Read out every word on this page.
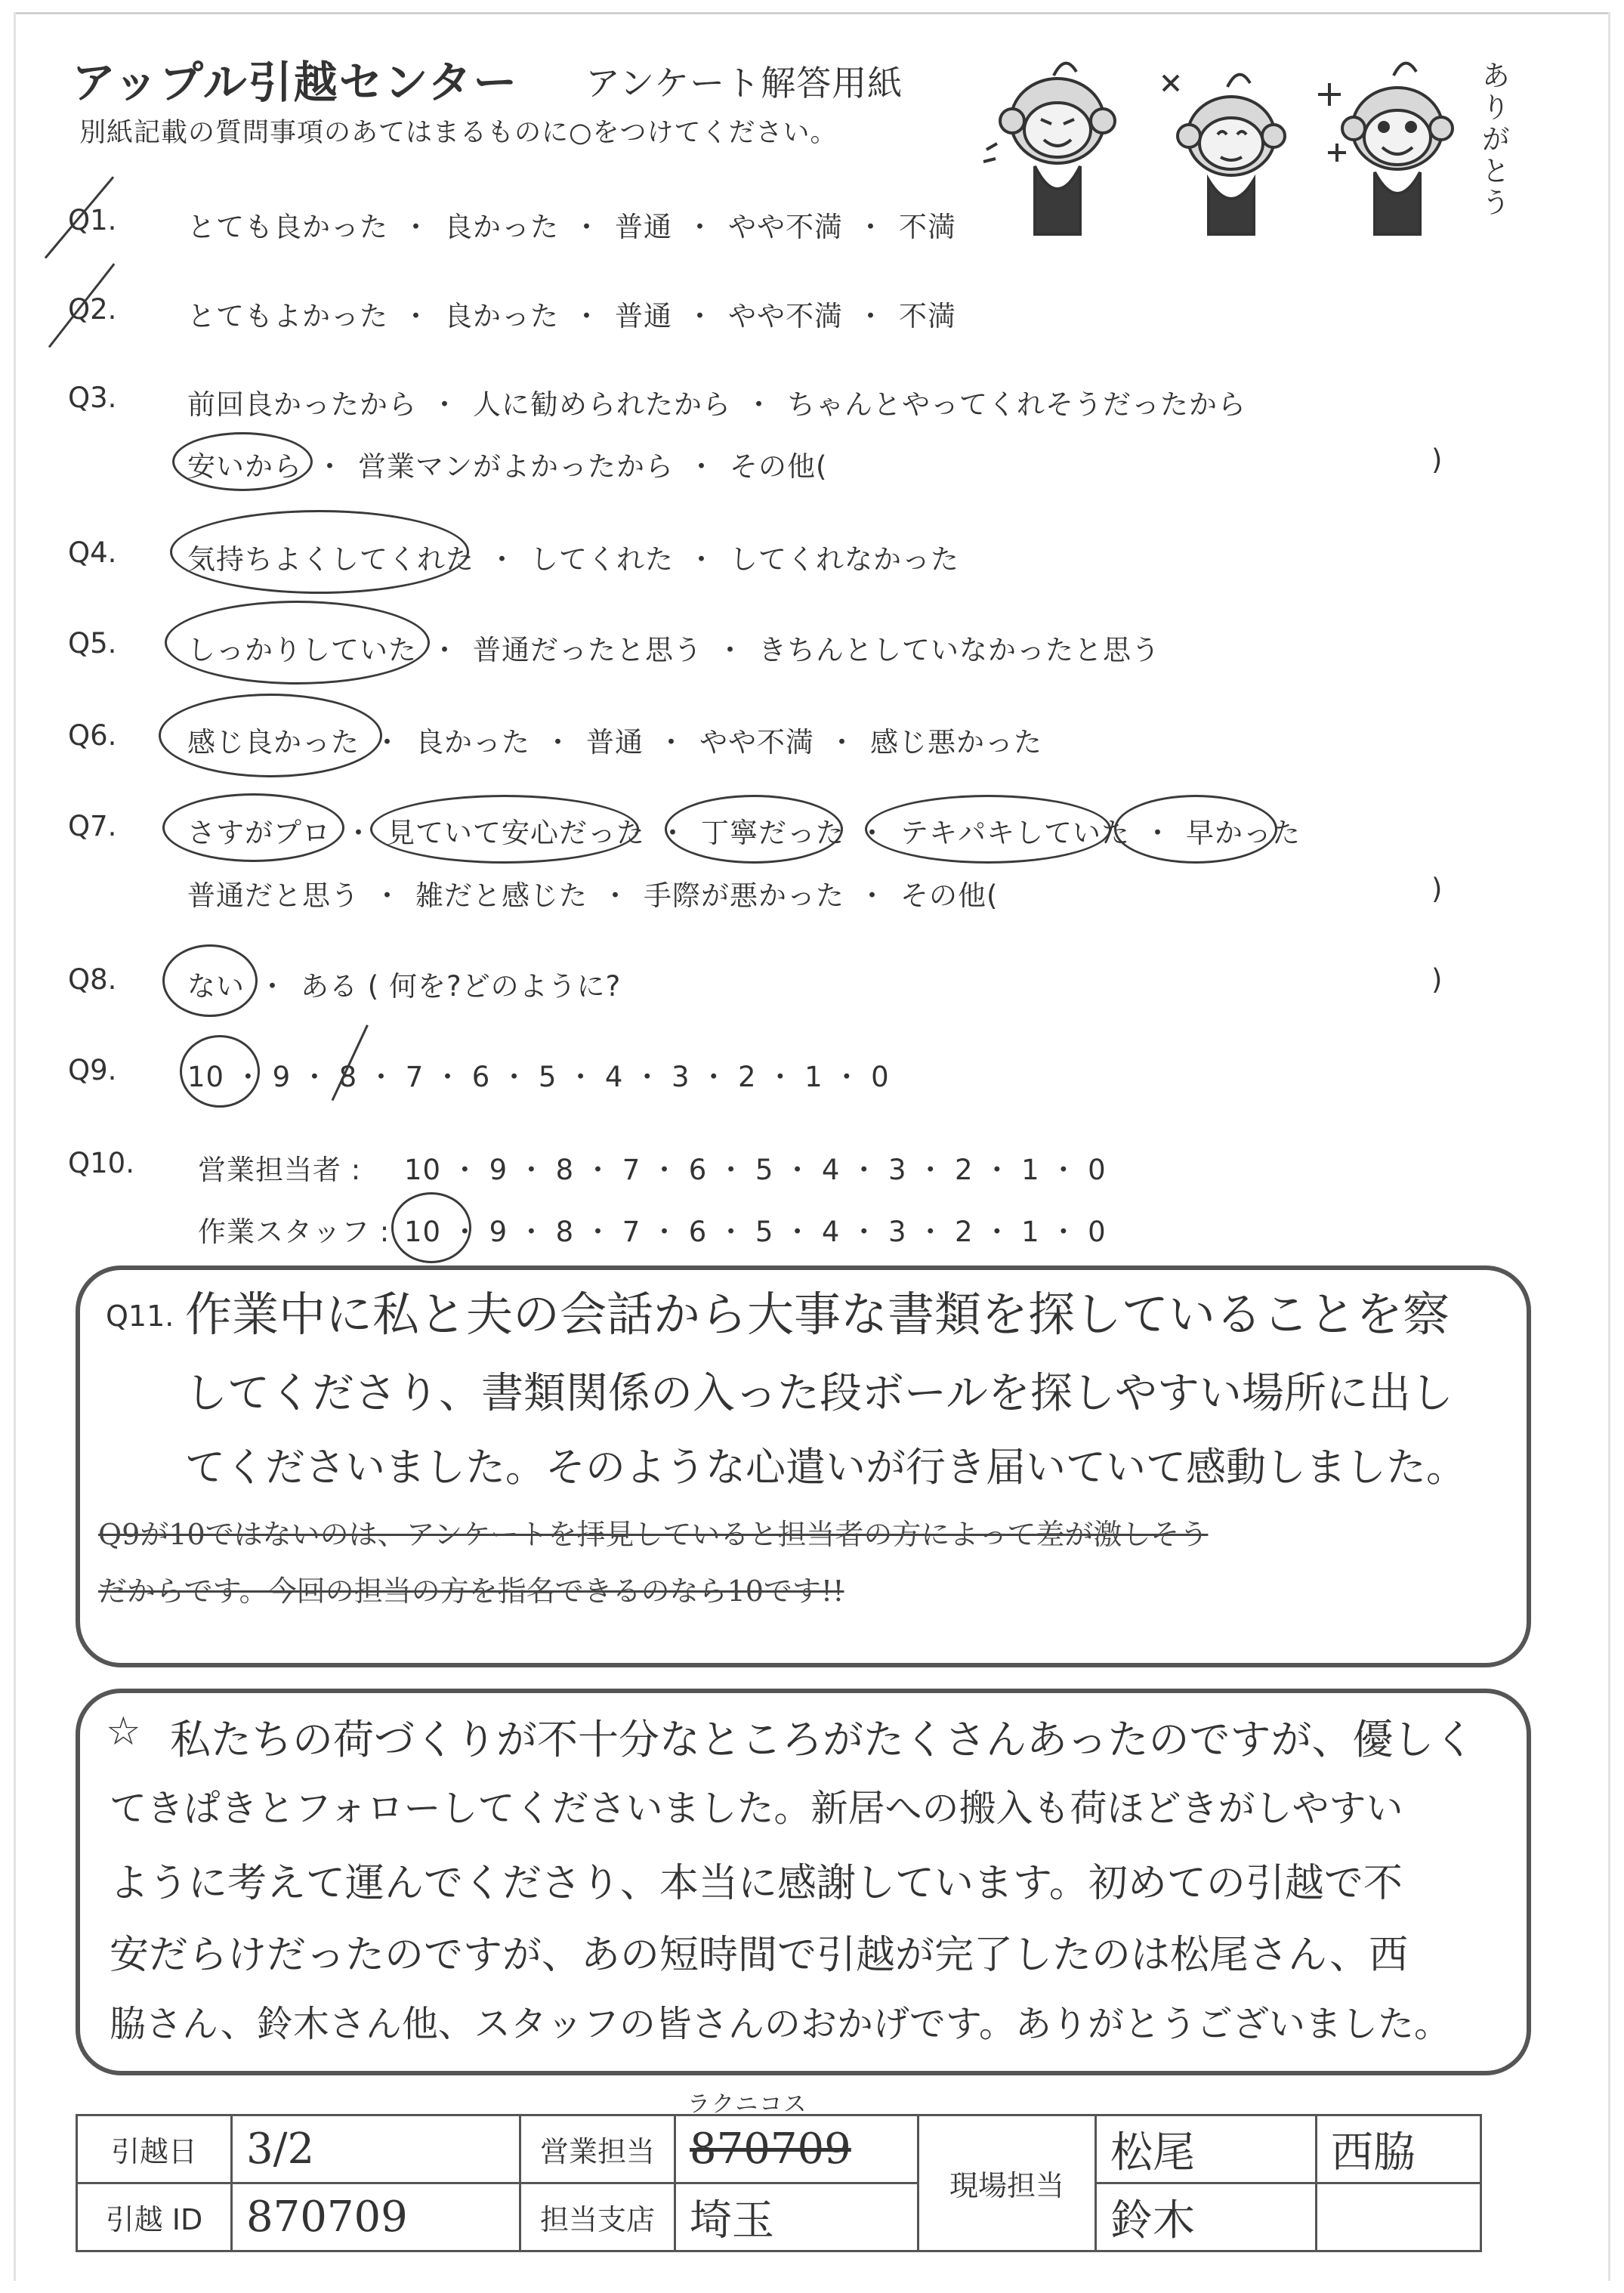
アップル引越センター アンケート解答用紙
別紙記載の質問事項のあてはまるものに○をつけてください。	ありがとう
Q1.	とても良かった ・ 良かった ・ 普通 ・ やや不満 ・ 不満
Q2.	とてもよかった ・ 良かった ・ 普通 ・ やや不満 ・ 不満
Q3.	前回良かったから ・ 人に勧められたから ・ ちゃんとやってくれそうだったから
安いから ・ 営業マンがよかったから ・ その他(	)
Q4.	気持ちよくしてくれた ・ してくれた ・ してくれなかった
Q5.	しっかりしていた ・ 普通だったと思う ・ きちんとしていなかったと思う
Q6.	感じ良かった ・ 良かった ・ 普通 ・ やや不満 ・ 感じ悪かった
Q7.	さすがプロ ・ 見ていて安心だった ・ 丁寧だった ・ テキパキしていた ・ 早かった
普通だと思う ・ 雑だと感じた ・ 手際が悪かった ・ その他(	)
Q8.	ない ・ ある ( 何を?どのように?	)
Q9.	10 ・ 9 ・ 8 ・ 7 ・ 6 ・ 5 ・ 4 ・ 3 ・ 2 ・ 1 ・ 0
Q10. 営業担当者 : 10 ・ 9 ・ 8 ・ 7 ・ 6 ・ 5 ・ 4 ・ 3 ・ 2 ・ 1 ・ 0
作業スタッフ : 10 ・ 9 ・ 8 ・ 7 ・ 6 ・ 5 ・ 4 ・ 3 ・ 2 ・ 1 ・ 0
Q11. 作業中に私と夫の会話から大事な書類を探していることを察
してくださり、書類関係の入った段ボールを探しやすい場所に出し
てくださいました。そのような心遣いが行き届いていて感動しました。
Q9が10ではないのは、アンケートを拝見していると担当者の方によって差が激しそう
だからです。今回の担当の方を指名できるのなら10です!!
☆ 私たちの荷づくりが不十分なところがたくさんあったのですが、優しく
てきぱきとフォローしてくださいました。新居への搬入も荷ほどきがしやすい
ように考えて運んでくださり、本当に感謝しています。初めての引越で不
安だらけだったのですが、あの短時間で引越が完了したのは松尾さん、西
脇さん、鈴木さん他、スタッフの皆さんのおかげです。ありがとうございました。
ラクニコス
引越日	3/2	営業担当	870709	現場担当	松尾	西脇
引越 ID	870709	担当支店	埼玉		鈴木	
